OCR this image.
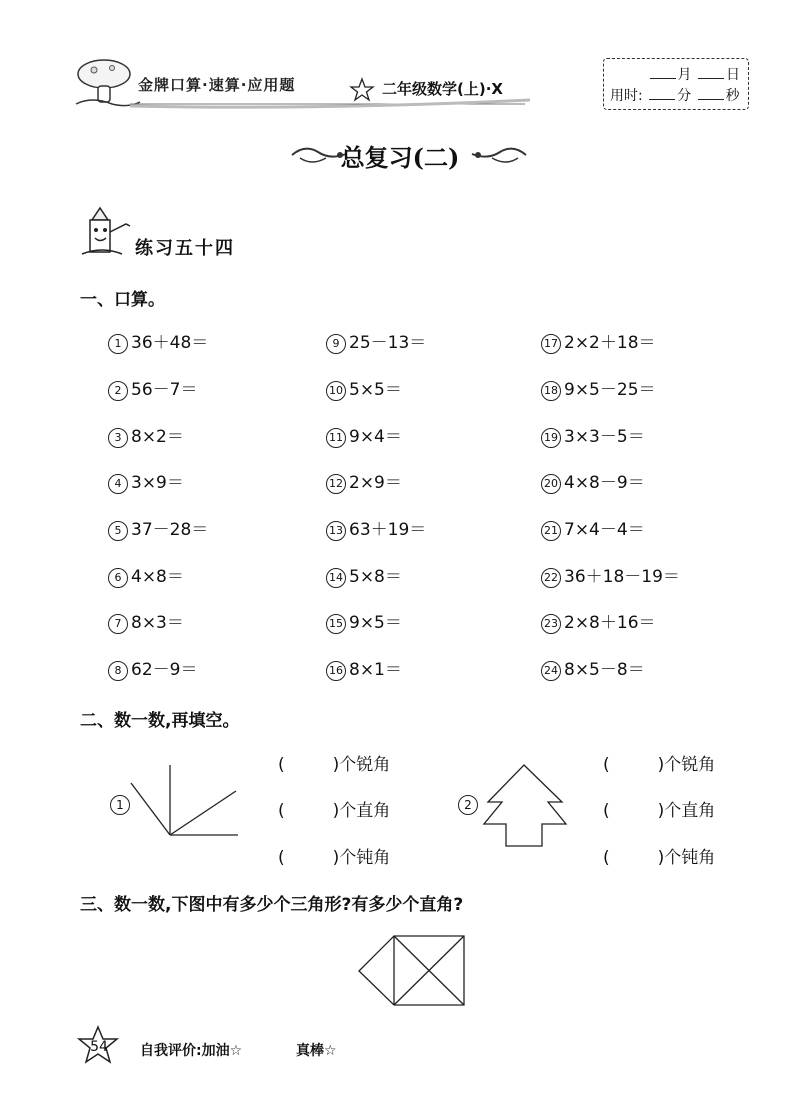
金牌口算·速算·应用题	二年级数学(上)·X
月 日
用时: 分 秒
总复习(二)
练习五十四
一、口算。
1 36＋48＝
2 56－7＝
3 8×2＝
4 3×9＝
5 37－28＝
6 4×8＝
7 8×3＝
8 62－9＝
9 25－13＝
10 5×5＝
11 9×4＝
12 2×9＝
13 63＋19＝
14 5×8＝
15 9×5＝
16 8×1＝
17 2×2＋18＝
18 9×5－25＝
19 3×3－5＝
20 4×8－9＝
21 7×4－4＝
22 36＋18－19＝
23 2×8＋16＝
24 8×5－8＝
二、数一数,再填空。
1
(	)个锐角
(	)个直角
(	)个钝角
2
(	)个锐角
(	)个直角
(	)个钝角
三、数一数,下图中有多少个三角形?有多少个直角?
54 自我评价:加油☆	真棒☆
